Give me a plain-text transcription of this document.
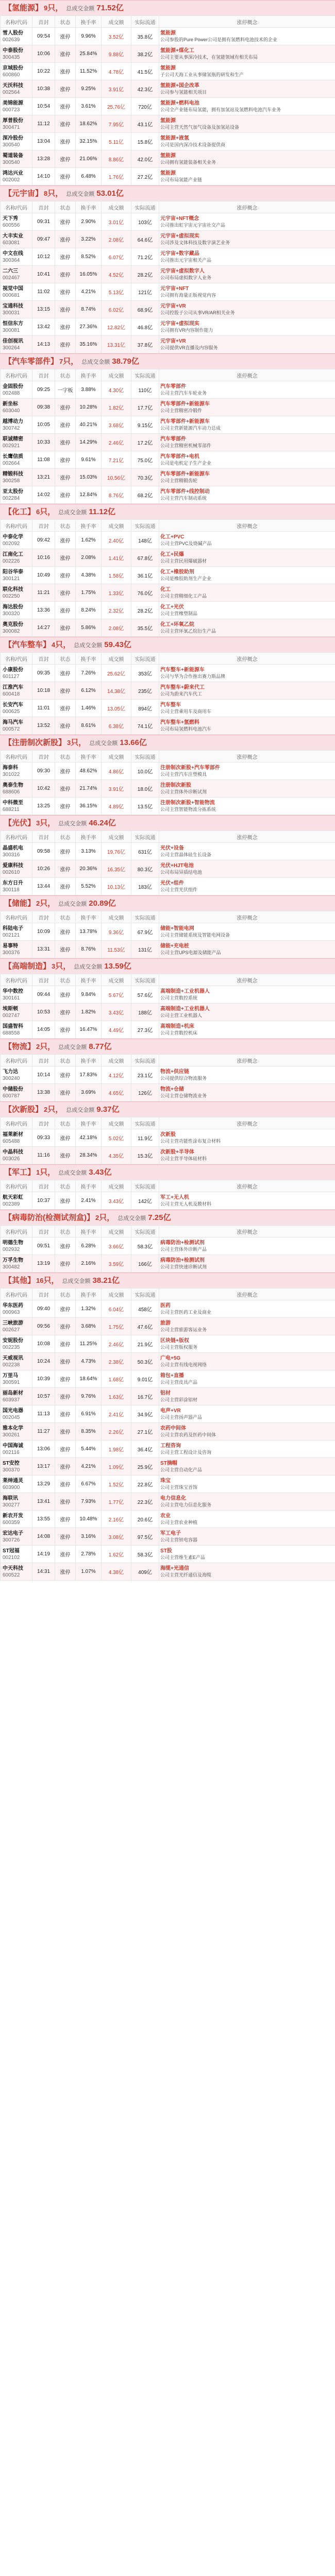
【氢能源】 9只， 总成交金额 71.52亿
名称/代码	首封	状态	换手率	成交额	实际流通	涨停概念

雪人股份
002639	09:54	涨停	9.96%	3.52亿	35.8亿	氢能源
公司参股的Pure Power公司是拥有氢燃料电池技术的企业

中泰股份
300435	10:06	涨停	25.84%	9.88亿	38.2亿	氢能源+煤化工
公司主要从事深冷技术，在氢能领域有相关布局

京城股份
600860	10:22	涨停	11.52%	4.78亿	41.5亿	氢能源
子公司天海工业从事储氢瓶的研发和生产

天沃科技
002564	10:38	涨停	9.25%	3.91亿	42.3亿	氢能源+国企改革
公司参与氢能相关项目

美锦能源
000723	10:54	涨停	3.61%	25.76亿	720亿	氢能源+燃料电池
公司全产业链布局氢能，拥有加氢站及氢燃料电池汽车业务

厚普股份
300471	11:12	涨停	18.62%	7.95亿	43.1亿	氢能源
公司主营天然气加气设备及加氢站设备

深冷股份
300540	13:04	涨停	32.15%	5.11亿	15.8亿	氢能源+液氢
公司是国内深冷技术设备提供商

蜀道装备
300540	13:28	涨停	21.06%	8.86亿	42.0亿	氢能源
公司拥有氢能装备相关业务

鸿达兴业
002002	14:10	涨停	6.48%	1.76亿	27.2亿	氢能源
公司布局氢能产业链
【元宇宙】 8只， 总成交金额 53.01亿
名称/代码	首封	状态	换手率	成交额	实际流通	涨停概念

天下秀
600556	09:31	涨停	2.90%	3.01亿	103亿	元宇宙+NFT概念
公司推出虹宇宙元宇宙社交产品

大丰实业
603081	09:47	涨停	3.22%	2.08亿	64.6亿	元宇宙+虚拟现实
公司涉及文体科技及数字演艺业务

中文在线
300364	10:12	涨停	8.52%	6.07亿	71.2亿	元宇宙+数字藏品
公司推出元宇宙相关产品

二六三
002467	10:41	涨停	16.05%	4.52亿	28.2亿	元宇宙+虚拟数字人
公司布局虚拟数字人业务

视觉中国
000681	11:02	涨停	4.21%	5.13亿	121亿	元宇宙+NFT
公司拥有海量正版视觉内容

宝通科技
300031	13:15	涨停	8.74%	6.02亿	68.9亿	元宇宙+VR
公司控股子公司从事VR/AR相关业务

恒信东方
300081	13:42	涨停	27.36%	12.82亿	46.8亿	元宇宙+虚拟现实
公司拥有VR内容制作能力

佳创视讯
300264	14:13	涨停	35.16%	13.31亿	37.8亿	元宇宙+VR
公司提供VR直播及内容服务
【汽车零部件】 7只， 总成交金额 38.79亿
名称/代码	首封	状态	换手率	成交额	实际流通	涨停概念

金固股份
002488	09:25	一字板	3.88%	4.30亿	110亿	汽车零部件
公司主营汽车车轮业务

新坐标
603040	09:38	涨停	10.28%	1.82亿	17.7亿	汽车零部件+新能源车
公司主营精密冷锻件

越博动力
300742	10:05	涨停	40.21%	3.68亿	9.15亿	汽车零部件+新能源车
公司主营新能源汽车动力总成

联诚精密
002921	10:33	涨停	14.29%	2.46亿	17.2亿	汽车零部件
公司主营精密机械零部件

长鹰信质
002664	11:08	涨停	9.61%	7.21亿	75.0亿	汽车零部件+电机
公司是电机定子生产企业

精锻科技
300258	13:21	涨停	15.03%	10.56亿	70.3亿	汽车零部件+新能源车
公司主营精锻齿轮

亚太股份
002284	14:02	涨停	12.84%	8.76亿	68.2亿	汽车零部件+线控制动
公司主营汽车制动系统
【化工】 6只， 总成交金额 11.12亿
名称/代码	首封	状态	换手率	成交额	实际流通	涨停概念

中泰化学
002092	09:42	涨停	1.62%	2.40亿	148亿	化工+PVC
公司主营PVC及烧碱产品

江南化工
002226	10:16	涨停	2.08%	1.41亿	67.8亿	化工+民爆
公司主营民用爆破器材

阳谷华泰
300121	10:49	涨停	4.38%	1.58亿	36.1亿	化工+橡胶助剂
公司是橡胶助剂生产企业

联化科技
002250	11:21	涨停	1.75%	1.33亿	76.0亿	化工
公司主营精细化工产品

海达股份
300320	13:36	涨停	8.24%	2.32亿	28.2亿	化工+光伏
公司主营橡塑制品

奥克股份
300082	14:27	涨停	5.86%	2.08亿	35.5亿	化工+环氧乙烷
公司主营环氧乙烷衍生产品
【汽车整车】 4只， 总成交金额 59.43亿
名称/代码	首封	状态	换手率	成交额	实际流通	涨停概念

小康股份
601127	09:35	涨停	7.26%	25.62亿	353亿	汽车整车+新能源车
公司与华为合作推出赛力斯品牌

江淮汽车
600418	10:18	涨停	6.12%	14.38亿	235亿	汽车整车+蔚来代工
公司为蔚来汽车代工

长安汽车
000625	11:01	涨停	1.46%	13.05亿	894亿	汽车整车
公司主营乘用车及商用车

海马汽车
000572	13:52	涨停	8.61%	6.38亿	74.1亿	汽车整车+氢燃料
公司布局氢燃料电池汽车
【注册制次新股】 3只， 总成交金额 13.66亿
名称/代码	首封	状态	换手率	成交额	实际流通	涨停概念

海泰科
301022	09:30	涨停	48.62%	4.86亿	10.0亿	注册制次新股+汽车零部件
公司主营汽车注塑模具

奥泰生物
688606	10:42	涨停	21.74%	3.91亿	18.0亿	注册制次新股
公司主营体外诊断试剂

中科微至
688211	13:25	涨停	36.15%	4.89亿	13.5亿	注册制次新股+智能物流
公司主营智能物流分拣系统
【光伏】 3只， 总成交金额 46.24亿
名称/代码	首封	状态	换手率	成交额	实际流通	涨停概念

晶盛机电
300316	09:58	涨停	3.13%	19.76亿	631亿	光伏+设备
公司主营晶体硅生长设备

爱康科技
002610	10:26	涨停	20.36%	16.35亿	80.3亿	光伏+HJT电池
公司布局异质结电池

东方日升
300118	13:44	涨停	5.52%	10.13亿	183亿	光伏+组件
公司主营光伏组件
【储能】 2只， 总成交金额 20.89亿
名称/代码	首封	状态	换手率	成交额	实际流通	涨停概念

科陆电子
002121	10:09	涨停	13.78%	9.36亿	67.9亿	储能+智能电网
公司主营储能系统及智能电网设备

易事特
300376	13:31	涨停	8.76%	11.53亿	131亿	储能+充电桩
公司主营UPS电源及储能产品
【高端制造】 3只， 总成交金额 13.59亿
名称/代码	首封	状态	换手率	成交额	实际流通	涨停概念

华中数控
300161	09:44	涨停	9.84%	5.67亿	57.6亿	高端制造+工业机器人
公司主营数控系统

埃斯顿
002747	10:53	涨停	1.82%	3.43亿	188亿	高端制造+工业机器人
公司主营工业机器人

国盛智科
688558	14:05	涨停	16.47%	4.49亿	27.3亿	高端制造+机床
公司主营数控机床
【物流】 2只， 总成交金额 8.77亿
名称/代码	首封	状态	换手率	成交额	实际流通	涨停概念

飞力达
300240	10:14	涨停	17.83%	4.12亿	23.1亿	物流+供应链
公司提供综合物流服务

中储股份
600787	13:38	涨停	3.69%	4.65亿	126亿	物流+仓储
公司主营仓储物流业务
【次新股】 2只， 总成交金额 9.37亿
名称/代码	首封	状态	换手率	成交额	实际流通	涨停概念

福莱新材
605488	09:33	涨停	42.18%	5.02亿	11.9亿	次新股
公司主营功能性涂布复合材料

中晶科技
003026	11:16	涨停	28.34%	4.35亿	15.3亿	次新股+半导体
公司主营半导体硅材料
【军工】 1只， 总成交金额 3.43亿
名称/代码	首封	状态	换手率	成交额	实际流通	涨停概念

航天彩虹
002389	10:37	涨停	2.41%	3.43亿	142亿	军工+无人机
公司主营无人机及膜材料
【病毒防治(检测试剂盒)】 2只， 总成交金额 7.25亿
名称/代码	首封	状态	换手率	成交额	实际流通	涨停概念

明德生物
002932	09:51	涨停	6.28%	3.66亿	58.3亿	病毒防治+检测试剂
公司主营体外诊断产品

万孚生物
300482	13:19	涨停	2.16%	3.59亿	166亿	病毒防治+检测试剂
公司主营快速诊断试剂
【其他】 16只， 总成交金额 38.21亿
名称/代码	首封	状态	换手率	成交额	实际流通	涨停概念

华东医药
000963	09:40	涨停	1.32%	6.04亿	458亿	医药
公司主营医药工业及商业

三峡旅游
002627	09:56	涨停	3.68%	1.75亿	47.6亿	旅游
公司主营旅游客运业务

安妮股份
002235	10:08	涨停	11.25%	2.46亿	21.9亿	区块链+版权
公司主营版权服务

天威视讯
002238	10:24	涨停	4.73%	2.38亿	50.3亿	广电+5G
公司主营有线电视网络

万里马
300591	10:39	涨停	18.64%	1.68亿	9.01亿	箱包+直播
公司主营皮具产品

丽岛新材
603937	10:57	涨停	9.76%	1.63亿	16.7亿	铝材
公司主营彩涂铝材

国光电器
002045	11:13	涨停	6.91%	2.41亿	34.9亿	电声+VR
公司主营扬声器产品

雅本化学
300261	11:27	涨停	8.35%	2.26亿	27.1亿	农药中间体
公司主营农药及医药中间体

中国海诚
002116	13:06	涨停	5.44%	1.98亿	36.4亿	工程咨询
公司主营工程设计及咨询

ST安控
300370	13:17	涨停	4.21%	1.09亿	25.9亿	ST摘帽
公司主营自动化产品

莱绅通灵
603900	13:29	涨停	6.67%	1.52亿	22.8亿	珠宝
公司主营珠宝首饰

海联讯
300277	13:41	涨停	7.93%	1.77亿	22.3亿	电力信息化
公司主营电力信息化服务

新农开发
600359	13:55	涨停	10.48%	2.16亿	20.6亿	农业
公司主营农业种植

宏达电子
300726	14:08	涨停	3.16%	3.08亿	97.5亿	军工电子
公司主营钽电容器

ST冠福
002102	14:19	涨停	2.78%	1.62亿	58.3亿	ST股
公司主营维生素E产品

中天科技
600522	14:31	涨停	1.07%	4.38亿	409亿	海缆+光通信
公司主营光纤通信及海缆
